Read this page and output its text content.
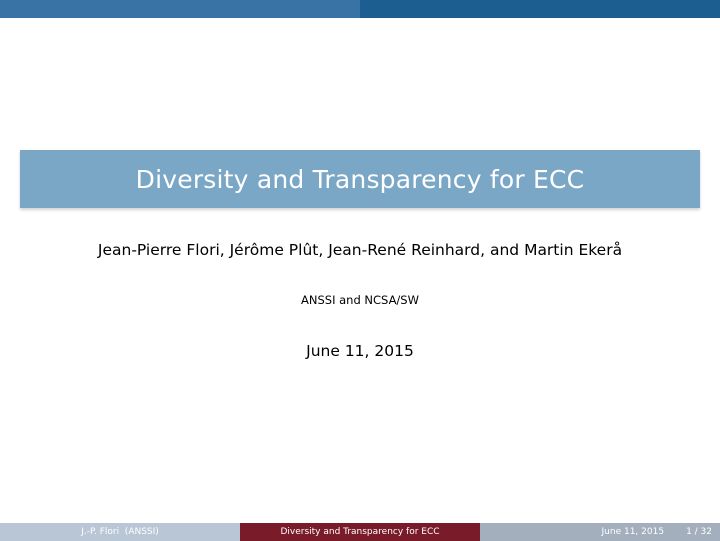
Diversity and Transparency for ECC
Jean-Pierre Flori, Jérôme Plût, Jean-René Reinhard, and Martin Ekerå
ANSSI and NCSA/SW
June 11, 2015
J.-P. Flori  (ANSSI)	Diversity and Transparency for ECC	June 11, 2015 1 / 32
